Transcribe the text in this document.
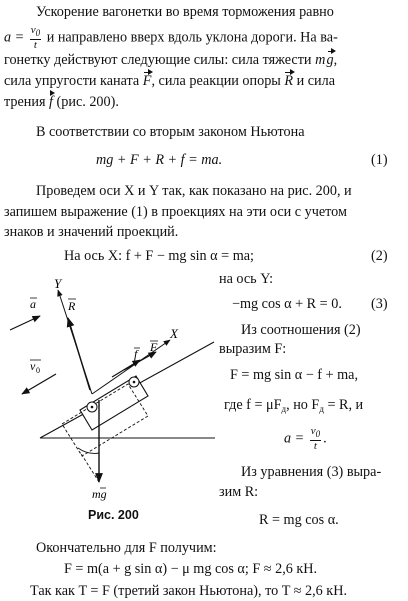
Ускорение вагонетки во время торможения равно
$a = \frac{v_0}{t}$ и направлено вверх вдоль уклона дороги. На ва-
гонетку действуют следующие силы: сила тяжести m g,
сила упругости каната F, сила реакции опоры R и сила
трения f (рис. 200).
В соответствии со вторым законом Ньютона
mg + F + R + f = ma.	(1)
Проведем оси X и Y так, как показано на рис. 200, и
запишем выражение (1) в проекциях на эти оси с учетом
знаков и значений проекций.
На ось X: f + F − mg sin α = ma;	(2)
на ось Y:
−mg cos α + R = 0. (3)
Из соотношения (2)
выразим F:
F = mg sin α − f + ma,
где $f = \mu F_д$, но $F_д = R$, и
$a = \frac{v_0}{t}$ .
Из уравнения (3) выра-
зим R:
R = mg cos α.
Окончательно для F получим:
F = m(a + g sin α) − μ mg cos α; F ≈ 2,6 кН.
Так как T = F (третий закон Ньютона), то T ≈ 2,6 кН.
Y
X
a	R
v 0
f F
mg
Рис. 200
